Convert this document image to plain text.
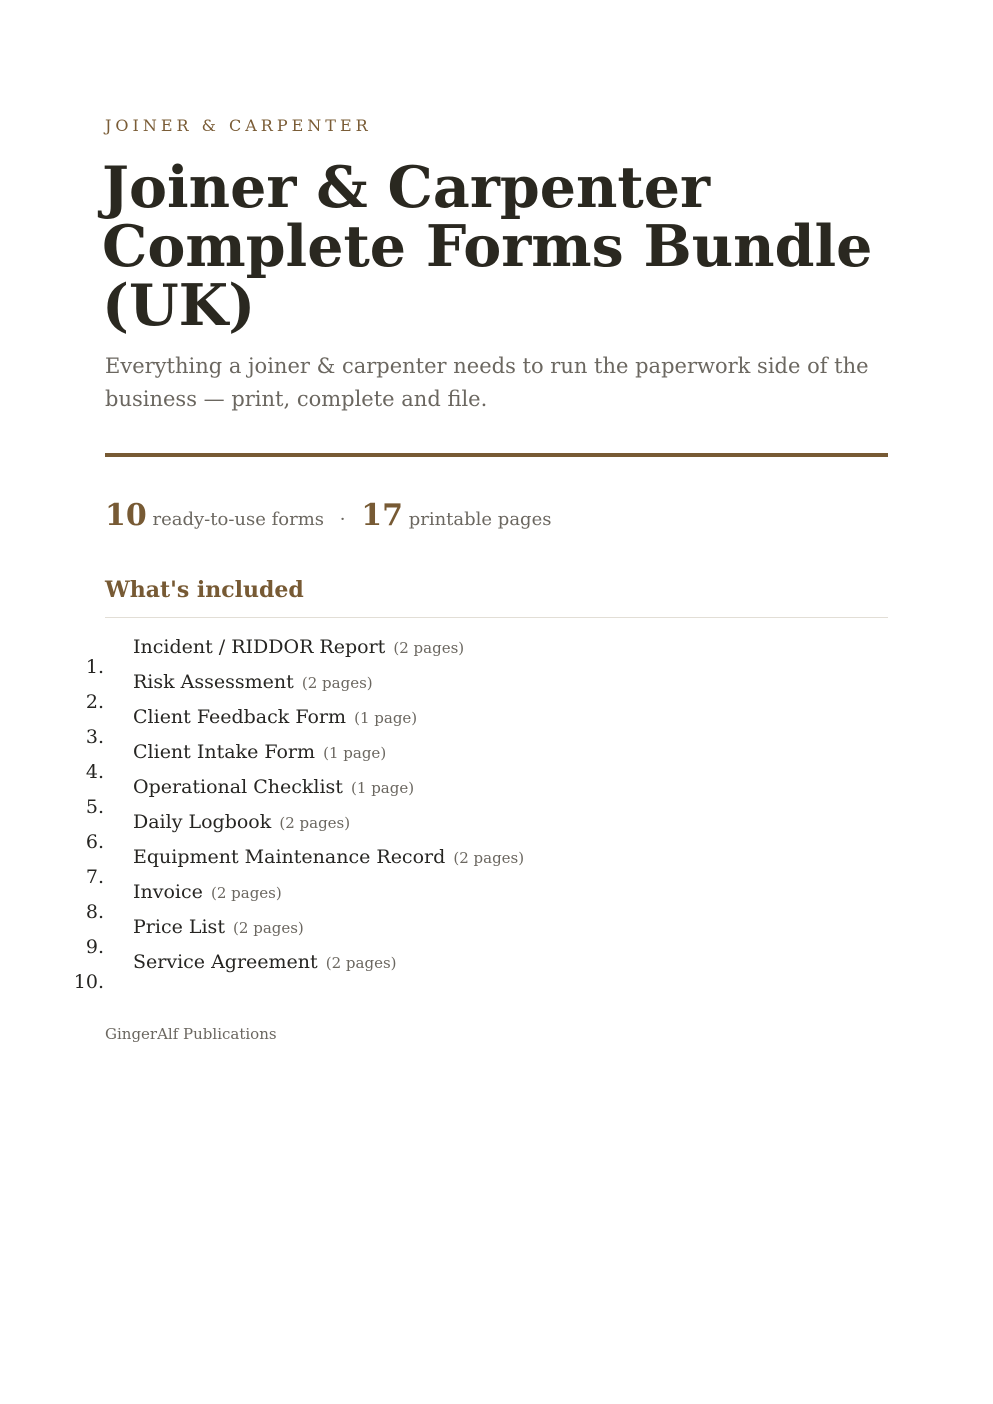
JOINER & CARPENTER
Joiner & Carpenter Complete Forms Bundle (UK)

Everything a joiner & carpenter needs to run the paperwork side of the business — print, complete and file.

10 ready-to-use forms · 17 printable pages
What's included
1.
Incident / RIDDOR Report (2 pages)
2.
Risk Assessment (2 pages)
3.
Client Feedback Form (1 page)
4.
Client Intake Form (1 page)
5.
Operational Checklist (1 page)
6.
Daily Logbook (2 pages)
7.
Equipment Maintenance Record (2 pages)
8.
Invoice (2 pages)
9.
Price List (2 pages)
10.
Service Agreement (2 pages)
GingerAlf Publications
